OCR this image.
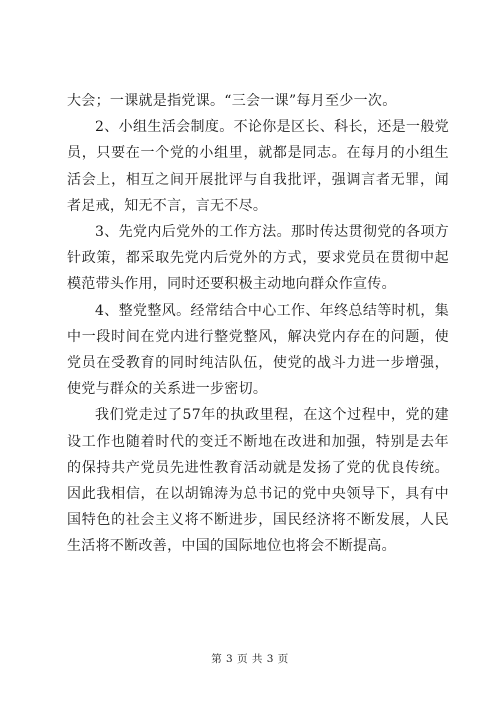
大会；一课就是指党课。“三会一课”每月至少一次。

2、小组生活会制度。不论你是区长、科长，还是一般党员，只要在一个党的小组里，就都是同志。在每月的小组生活会上，相互之间开展批评与自我批评，强调言者无罪，闻者足戒，知无不言，言无不尽。

3、先党内后党外的工作方法。那时传达贯彻党的各项方针政策，都采取先党内后党外的方式，要求党员在贯彻中起模范带头作用，同时还要积极主动地向群众作宣传。

4、整党整风。经常结合中心工作、年终总结等时机，集中一段时间在党内进行整党整风，解决党内存在的问题，使党员在受教育的同时纯洁队伍，使党的战斗力进一步增强，使党与群众的关系进一步密切。

我们党走过了57年的执政里程，在这个过程中，党的建设工作也随着时代的变迁不断地在改进和加强，特别是去年的保持共产党员先进性教育活动就是发扬了党的优良传统。因此我相信，在以胡锦涛为总书记的党中央领导下，具有中国特色的社会主义将不断进步，国民经济将不断发展，人民生活将不断改善，中国的国际地位也将会不断提高。

第 3 页 共 3 页
